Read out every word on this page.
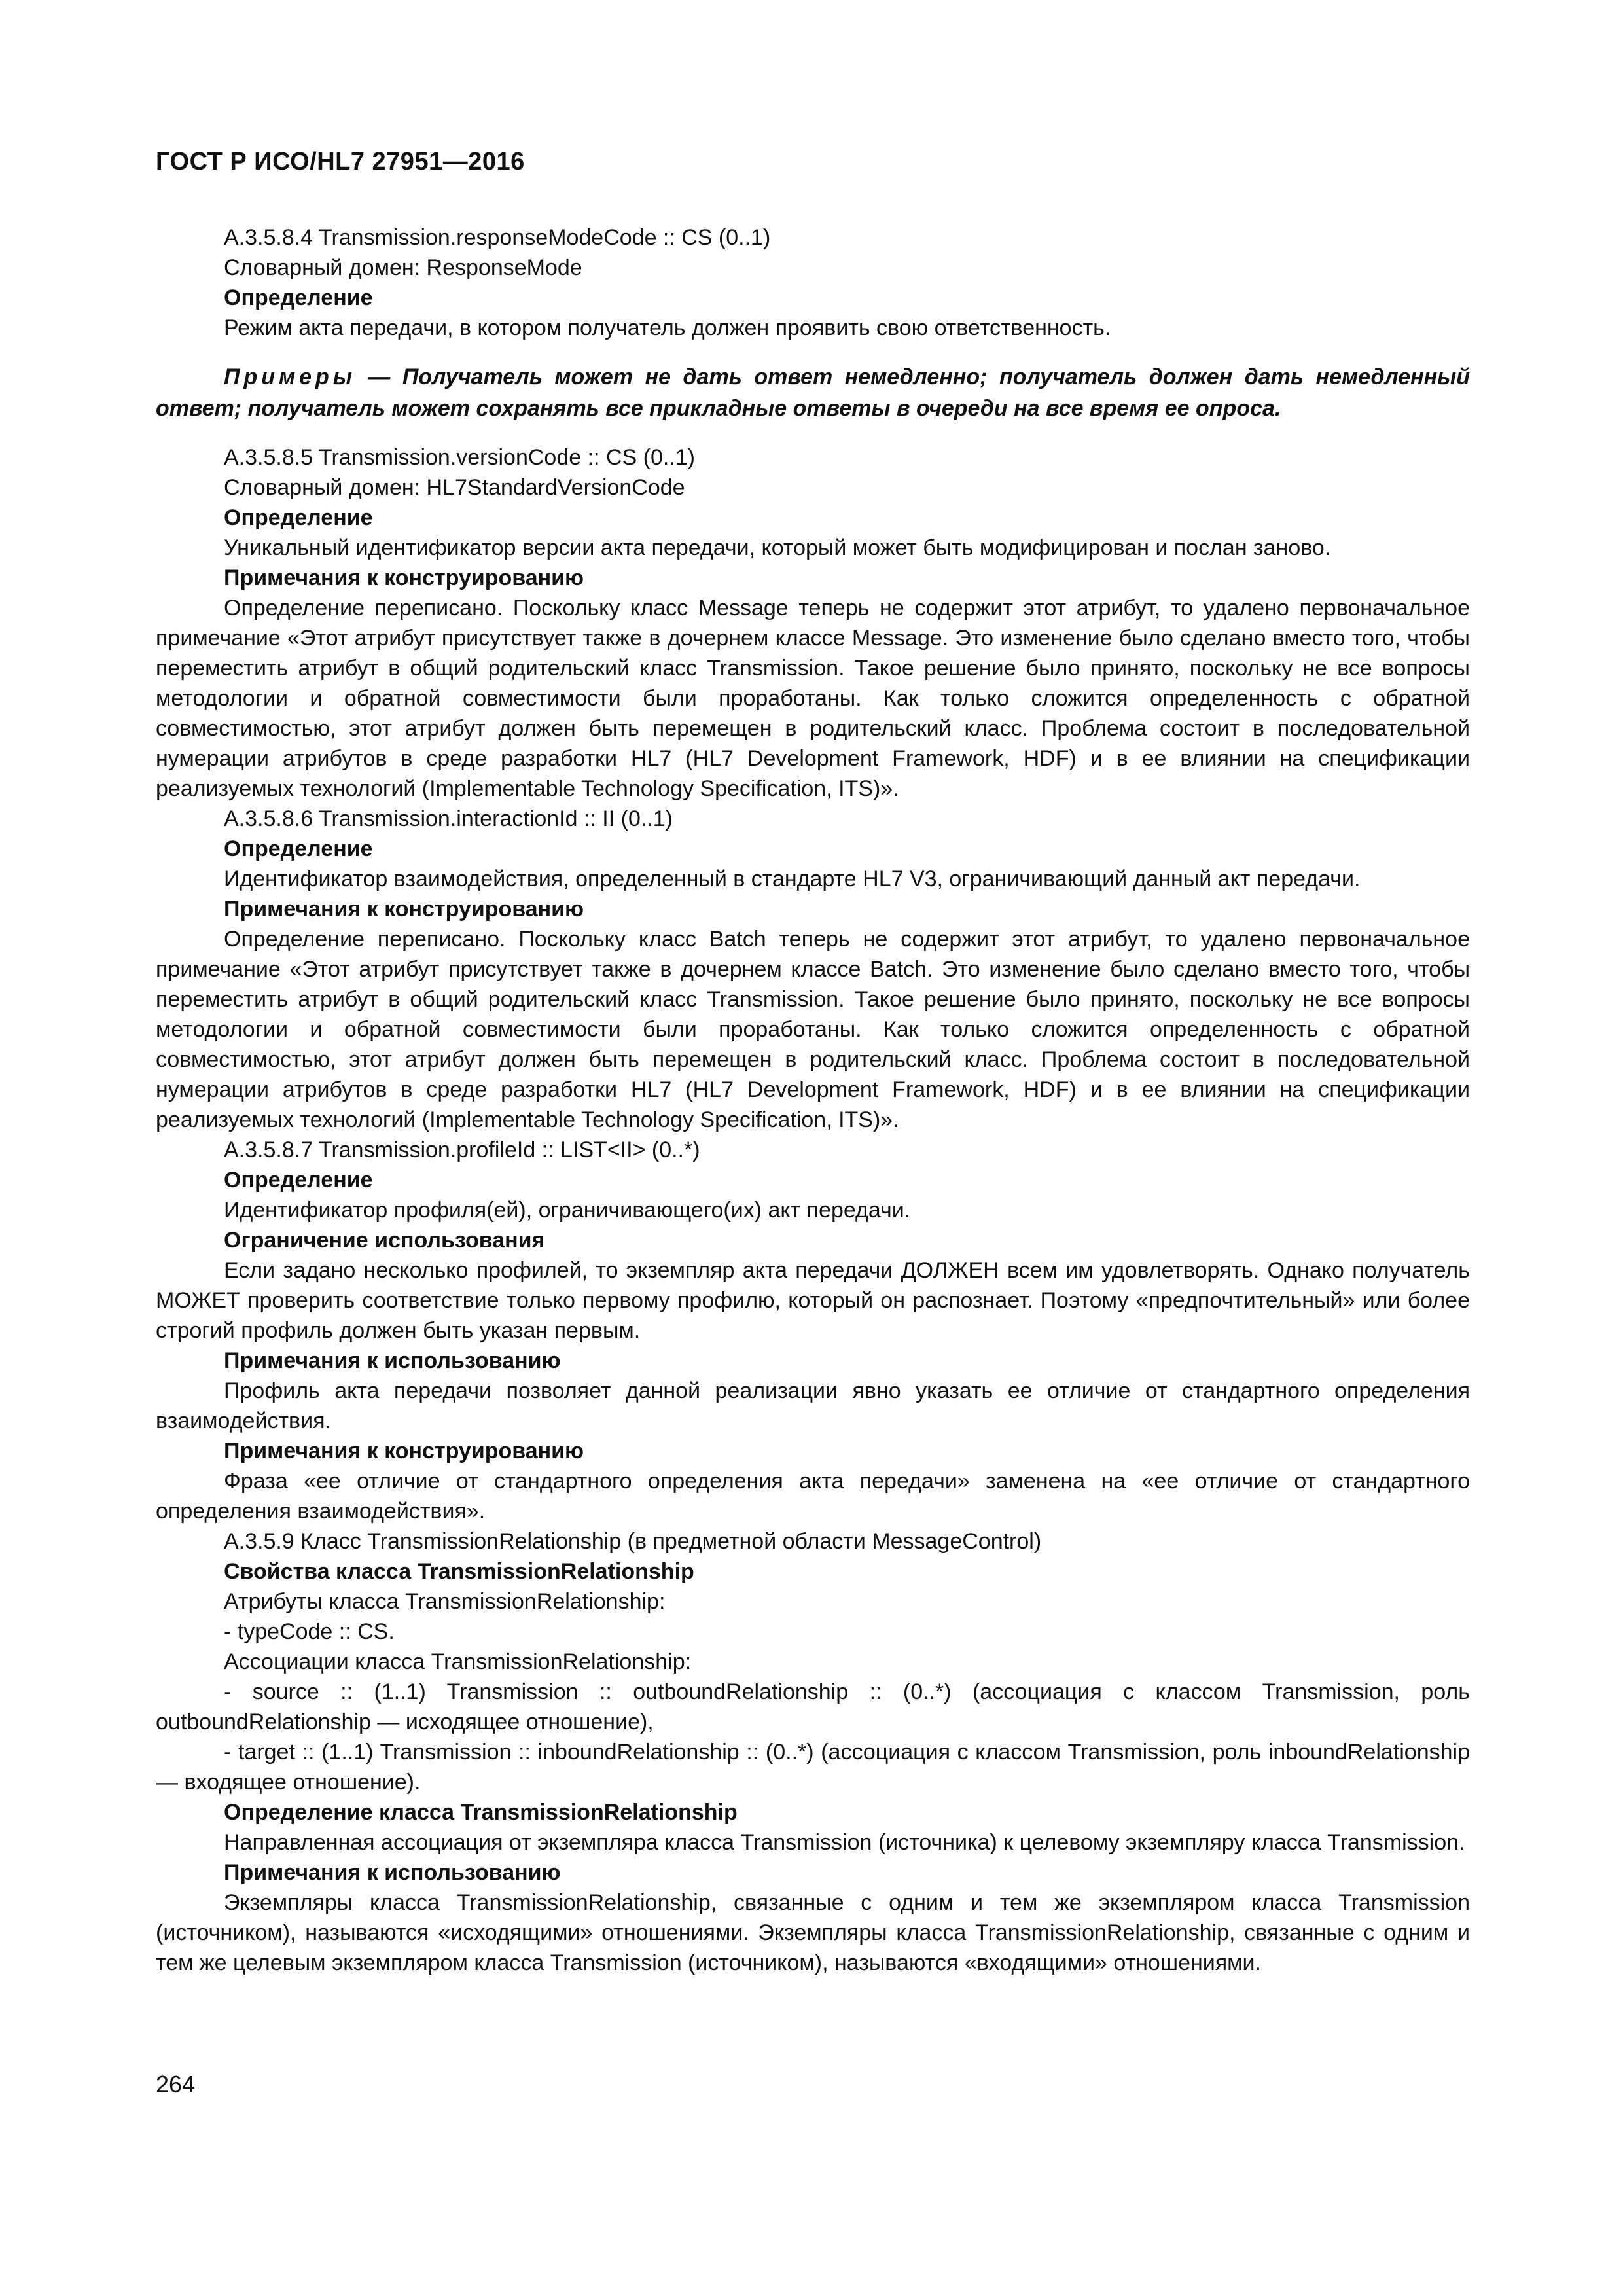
ГОСТ Р ИСО/HL7 27951—2016

A.3.5.8.4 Transmission.responseModeCode :: CS (0..1)

Словарный домен: ResponseMode

Определение

Режим акта передачи, в котором получатель должен проявить свою ответственность.

Примеры — Получатель может не дать ответ немедленно; получатель должен дать немедленный ответ; получатель может сохранять все прикладные ответы в очереди на все время ее опроса.

A.3.5.8.5 Transmission.versionCode :: CS (0..1)

Словарный домен: HL7StandardVersionCode

Определение

Уникальный идентификатор версии акта передачи, который может быть модифицирован и послан заново.

Примечания к конструированию

Определение переписано. Поскольку класс Message теперь не содержит этот атрибут, то удалено первоначальное примечание «Этот атрибут присутствует также в дочернем классе Message. Это изменение было сделано вместо того, чтобы переместить атрибут в общий родительский класс Transmission. Такое решение было принято, поскольку не все вопросы методологии и обратной совместимости были проработаны. Как только сложится определенность с обратной совместимостью, этот атрибут должен быть перемещен в родительский класс. Проблема состоит в последовательной нумерации атрибутов в среде разработки HL7 (HL7 Development Framework, HDF) и в ее влиянии на спецификации реализуемых технологий (Implementable Technology Specification, ITS)».

A.3.5.8.6 Transmission.interactionId :: II (0..1)

Определение

Идентификатор взаимодействия, определенный в стандарте HL7 V3, ограничивающий данный акт передачи.

Примечания к конструированию

Определение переписано. Поскольку класс Batch теперь не содержит этот атрибут, то удалено первоначальное примечание «Этот атрибут присутствует также в дочернем классе Batch. Это изменение было сделано вместо того, чтобы переместить атрибут в общий родительский класс Transmission. Такое решение было принято, поскольку не все вопросы методологии и обратной совместимости были проработаны. Как только сложится определенность с обратной совместимостью, этот атрибут должен быть перемещен в родительский класс. Проблема состоит в последовательной нумерации атрибутов в среде разработки HL7 (HL7 Development Framework, HDF) и в ее влиянии на спецификации реализуемых технологий (Implementable Technology Specification, ITS)».

A.3.5.8.7 Transmission.profileId :: LIST<II> (0..*)

Определение

Идентификатор профиля(ей), ограничивающего(их) акт передачи.

Ограничение использования

Если задано несколько профилей, то экземпляр акта передачи ДОЛЖЕН всем им удовлетворять. Однако получатель МОЖЕТ проверить соответствие только первому профилю, который он распознает. Поэтому «предпочтительный» или более строгий профиль должен быть указан первым.

Примечания к использованию

Профиль акта передачи позволяет данной реализации явно указать ее отличие от стандартного определения взаимодействия.

Примечания к конструированию

Фраза «ее отличие от стандартного определения акта передачи» заменена на «ее отличие от стандартного определения взаимодействия».

A.3.5.9 Класс TransmissionRelationship (в предметной области MessageControl)

Свойства класса TransmissionRelationship

Атрибуты класса TransmissionRelationship:

- typeCode :: CS.

Ассоциации класса TransmissionRelationship:

- source :: (1..1) Transmission :: outboundRelationship :: (0..*) (ассоциация с классом Transmission, роль outboundRelationship — исходящее отношение),

- target :: (1..1) Transmission :: inboundRelationship :: (0..*) (ассоциация с классом Transmission, роль inboundRelationship — входящее отношение).

Определение класса TransmissionRelationship

Направленная ассоциация от экземпляра класса Transmission (источника) к целевому экземпляру класса Transmission.

Примечания к использованию

Экземпляры класса TransmissionRelationship, связанные с одним и тем же экземпляром класса Transmission (источником), называются «исходящими» отношениями. Экземпляры класса TransmissionRelationship, связанные с одним и тем же целевым экземпляром класса Transmission (источником), называются «входящими» отношениями.

264
